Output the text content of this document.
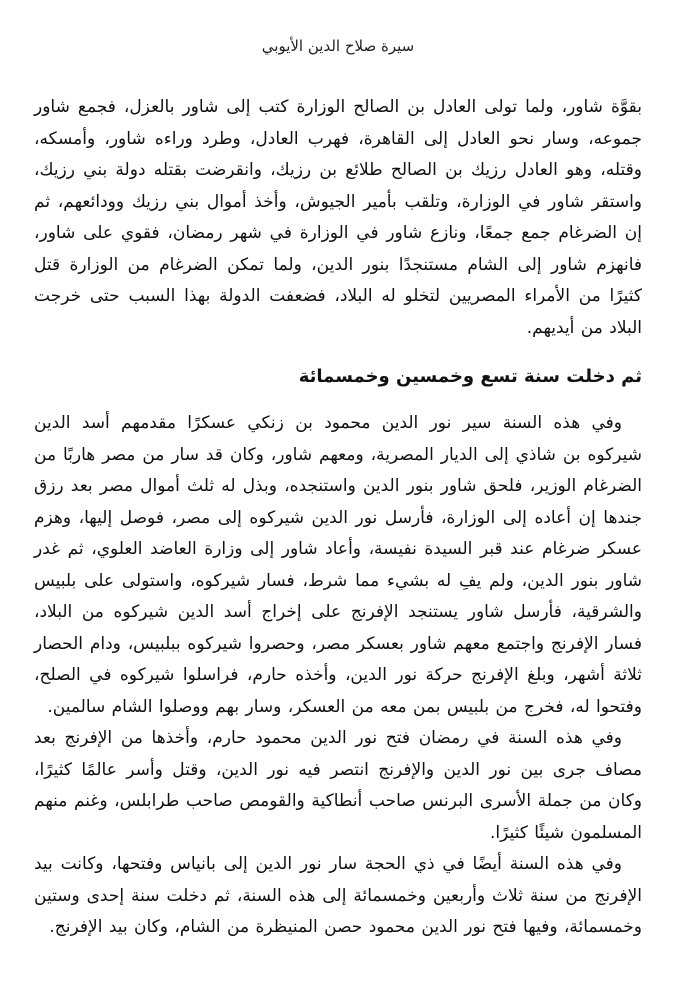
سيرة صلاح الدين الأيوبي

بقوَّة شاور، ولما تولى العادل بن الصالح الوزارة كتب إلى شاور بالعزل، فجمع شاور جموعه، وسار نحو العادل إلى القاهرة، فهرب العادل، وطرد وراءه شاور، وأمسكه، وقتله، وهو العادل رزيك بن الصالح طلائع بن رزيك، وانقرضت بقتله دولة بني رزيك، واستقر شاور في الوزارة، وتلقب بأمير الجيوش، وأخذ أموال بني رزيك وودائعهم، ثم إن الضرغام جمع جمعًا، ونازع شاور في الوزارة في شهر رمضان، فقوي على شاور، فانهزم شاور إلى الشام مستنجدًا بنور الدين، ولما تمكن الضرغام من الوزارة قتل كثيرًا من الأمراء المصريين لتخلو له البلاد، فضعفت الدولة بهذا السبب حتى خرجت البلاد من أيديهم.

ثم دخلت سنة تسع وخمسين وخمسمائة

وفي هذه السنة سير نور الدين محمود بن زنكي عسكرًا مقدمهم أسد الدين شيركوه بن شاذي إلى الديار المصرية، ومعهم شاور، وكان قد سار من مصر هاربًا من الضرغام الوزير، فلحق شاور بنور الدين واستنجده، وبذل له ثلث أموال مصر بعد رزق جندها إن أعاده إلى الوزارة، فأرسل نور الدين شيركوه إلى مصر، فوصل إليها، وهزم عسكر ضرغام عند قبر السيدة نفيسة، وأعاد شاور إلى وزارة العاضد العلوي، ثم غدر شاور بنور الدين، ولم يفِ له بشيء مما شرط، فسار شيركوه، واستولى على بلبيس والشرقية، فأرسل شاور يستنجد الإفرنج على إخراج أسد الدين شيركوه من البلاد، فسار الإفرنج واجتمع معهم شاور بعسكر مصر، وحصروا شيركوه ببلبيس، ودام الحصار ثلاثة أشهر، وبلغ الإفرنج حركة نور الدين، وأخذه حارم، فراسلوا شيركوه في الصلح، وفتحوا له، فخرج من بلبيس بمن معه من العسكر، وسار بهم ووصلوا الشام سالمين.

وفي هذه السنة في رمضان فتح نور الدين محمود حارم، وأخذها من الإفرنج بعد مصاف جرى بين نور الدين والإفرنج انتصر فيه نور الدين، وقتل وأسر عالمًا كثيرًا، وكان من جملة الأسرى البرنس صاحب أنطاكية والقومص صاحب طرابلس، وغنم منهم المسلمون شيئًا كثيرًا.

وفي هذه السنة أيضًا في ذي الحجة سار نور الدين إلى بانياس وفتحها، وكانت بيد الإفرنج من سنة ثلاث وأربعين وخمسمائة إلى هذه السنة، ثم دخلت سنة إحدى وستين وخمسمائة، وفيها فتح نور الدين محمود حصن المنيظرة من الشام، وكان بيد الإفرنج.
